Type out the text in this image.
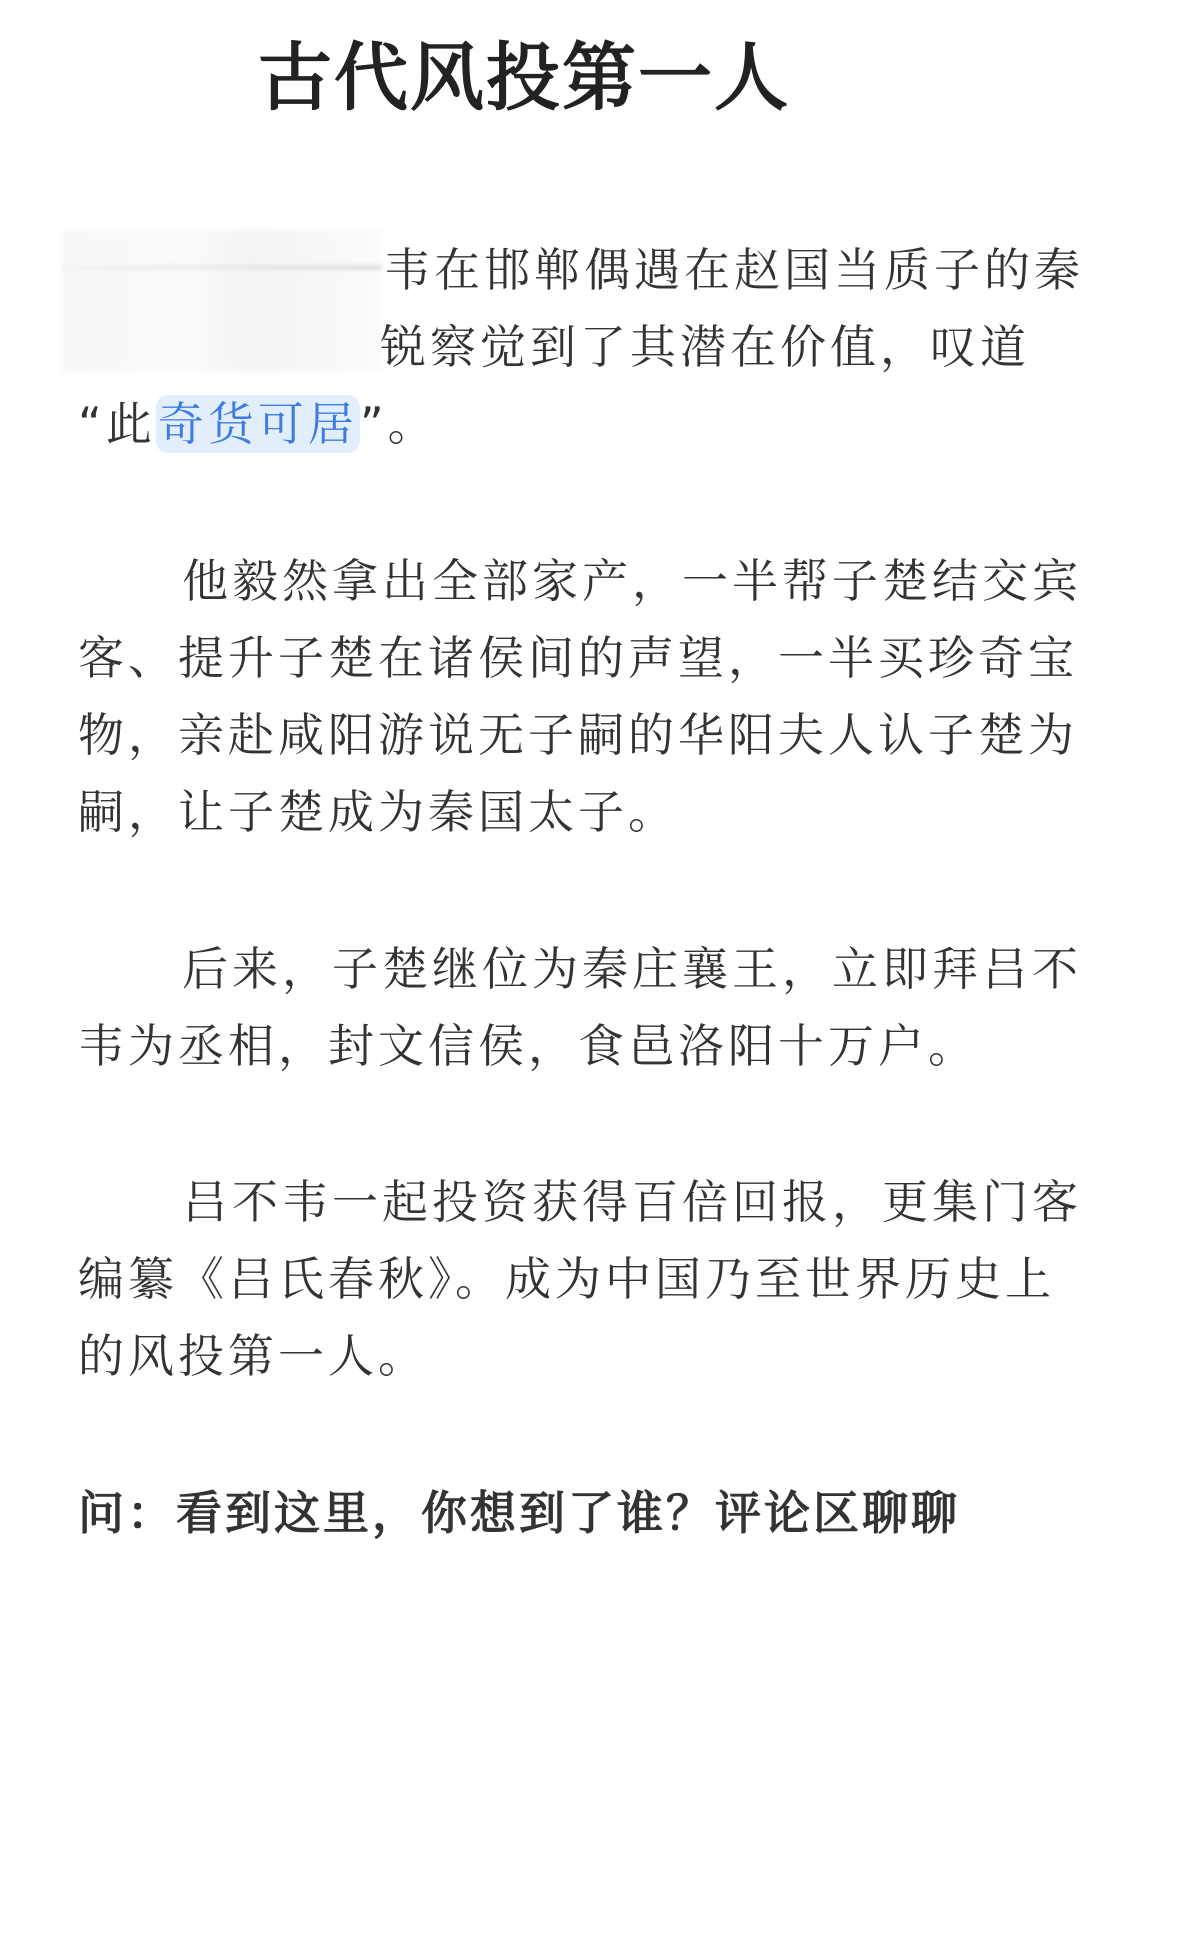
古代风投第一人
韦在邯郸偶遇在赵国当质子的秦
锐察觉到了其潜在价值，叹道
“此奇货可居”。
他毅然拿出全部家产，一半帮子楚结交宾客、提升子楚在诸侯间的声望，一半买珍奇宝物，亲赴咸阳游说无子嗣的华阳夫人认子楚为嗣，让子楚成为秦国太子。
后来，子楚继位为秦庄襄王，立即拜吕不韦为丞相，封文信侯，食邑洛阳十万户。
吕不韦一起投资获得百倍回报，更集门客编纂《吕氏春秋》。成为中国乃至世界历史上的风投第一人。
问：看到这里，你想到了谁？评论区聊聊
